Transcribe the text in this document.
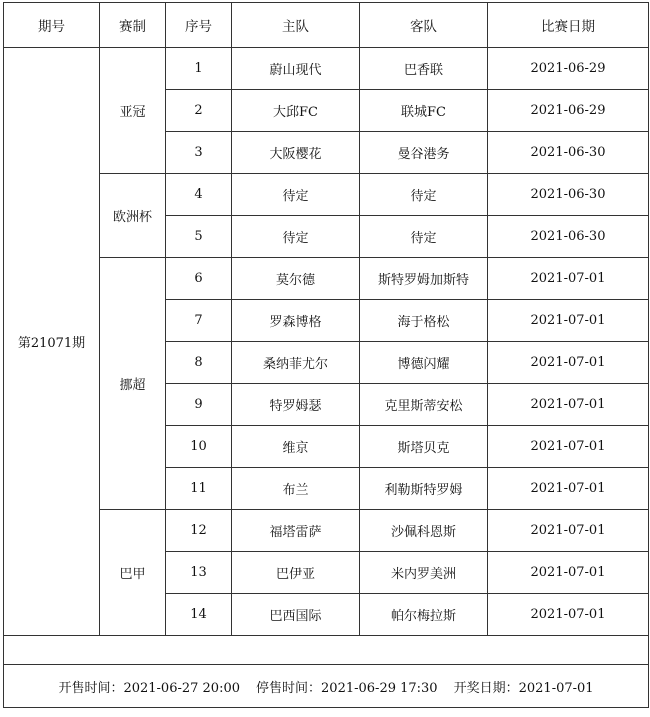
期号	赛制	序号	主队	客队	比赛日期
第21071期	亚冠	1	蔚山现代	巴香联	2021-06-29
		2	大邱FC	联城FC	2021-06-29
		3	大阪樱花	曼谷港务	2021-06-30
	欧洲杯	4	待定	待定	2021-06-30
		5	待定	待定	2021-06-30
	挪超	6	莫尔德	斯特罗姆加斯特	2021-07-01
		7	罗森博格	海于格松	2021-07-01
		8	桑纳菲尤尔	博德闪耀	2021-07-01
		9	特罗姆瑟	克里斯蒂安松	2021-07-01
		10	维京	斯塔贝克	2021-07-01
		11	布兰	利勒斯特罗姆	2021-07-01
	巴甲	12	福塔雷萨	沙佩科恩斯	2021-07-01
		13	巴伊亚	米内罗美洲	2021-07-01
		14	巴西国际	帕尔梅拉斯	2021-07-01

开售时间：2021-06-27 20:00 停售时间：2021-06-29 17:30 开奖日期：2021-07-01					
